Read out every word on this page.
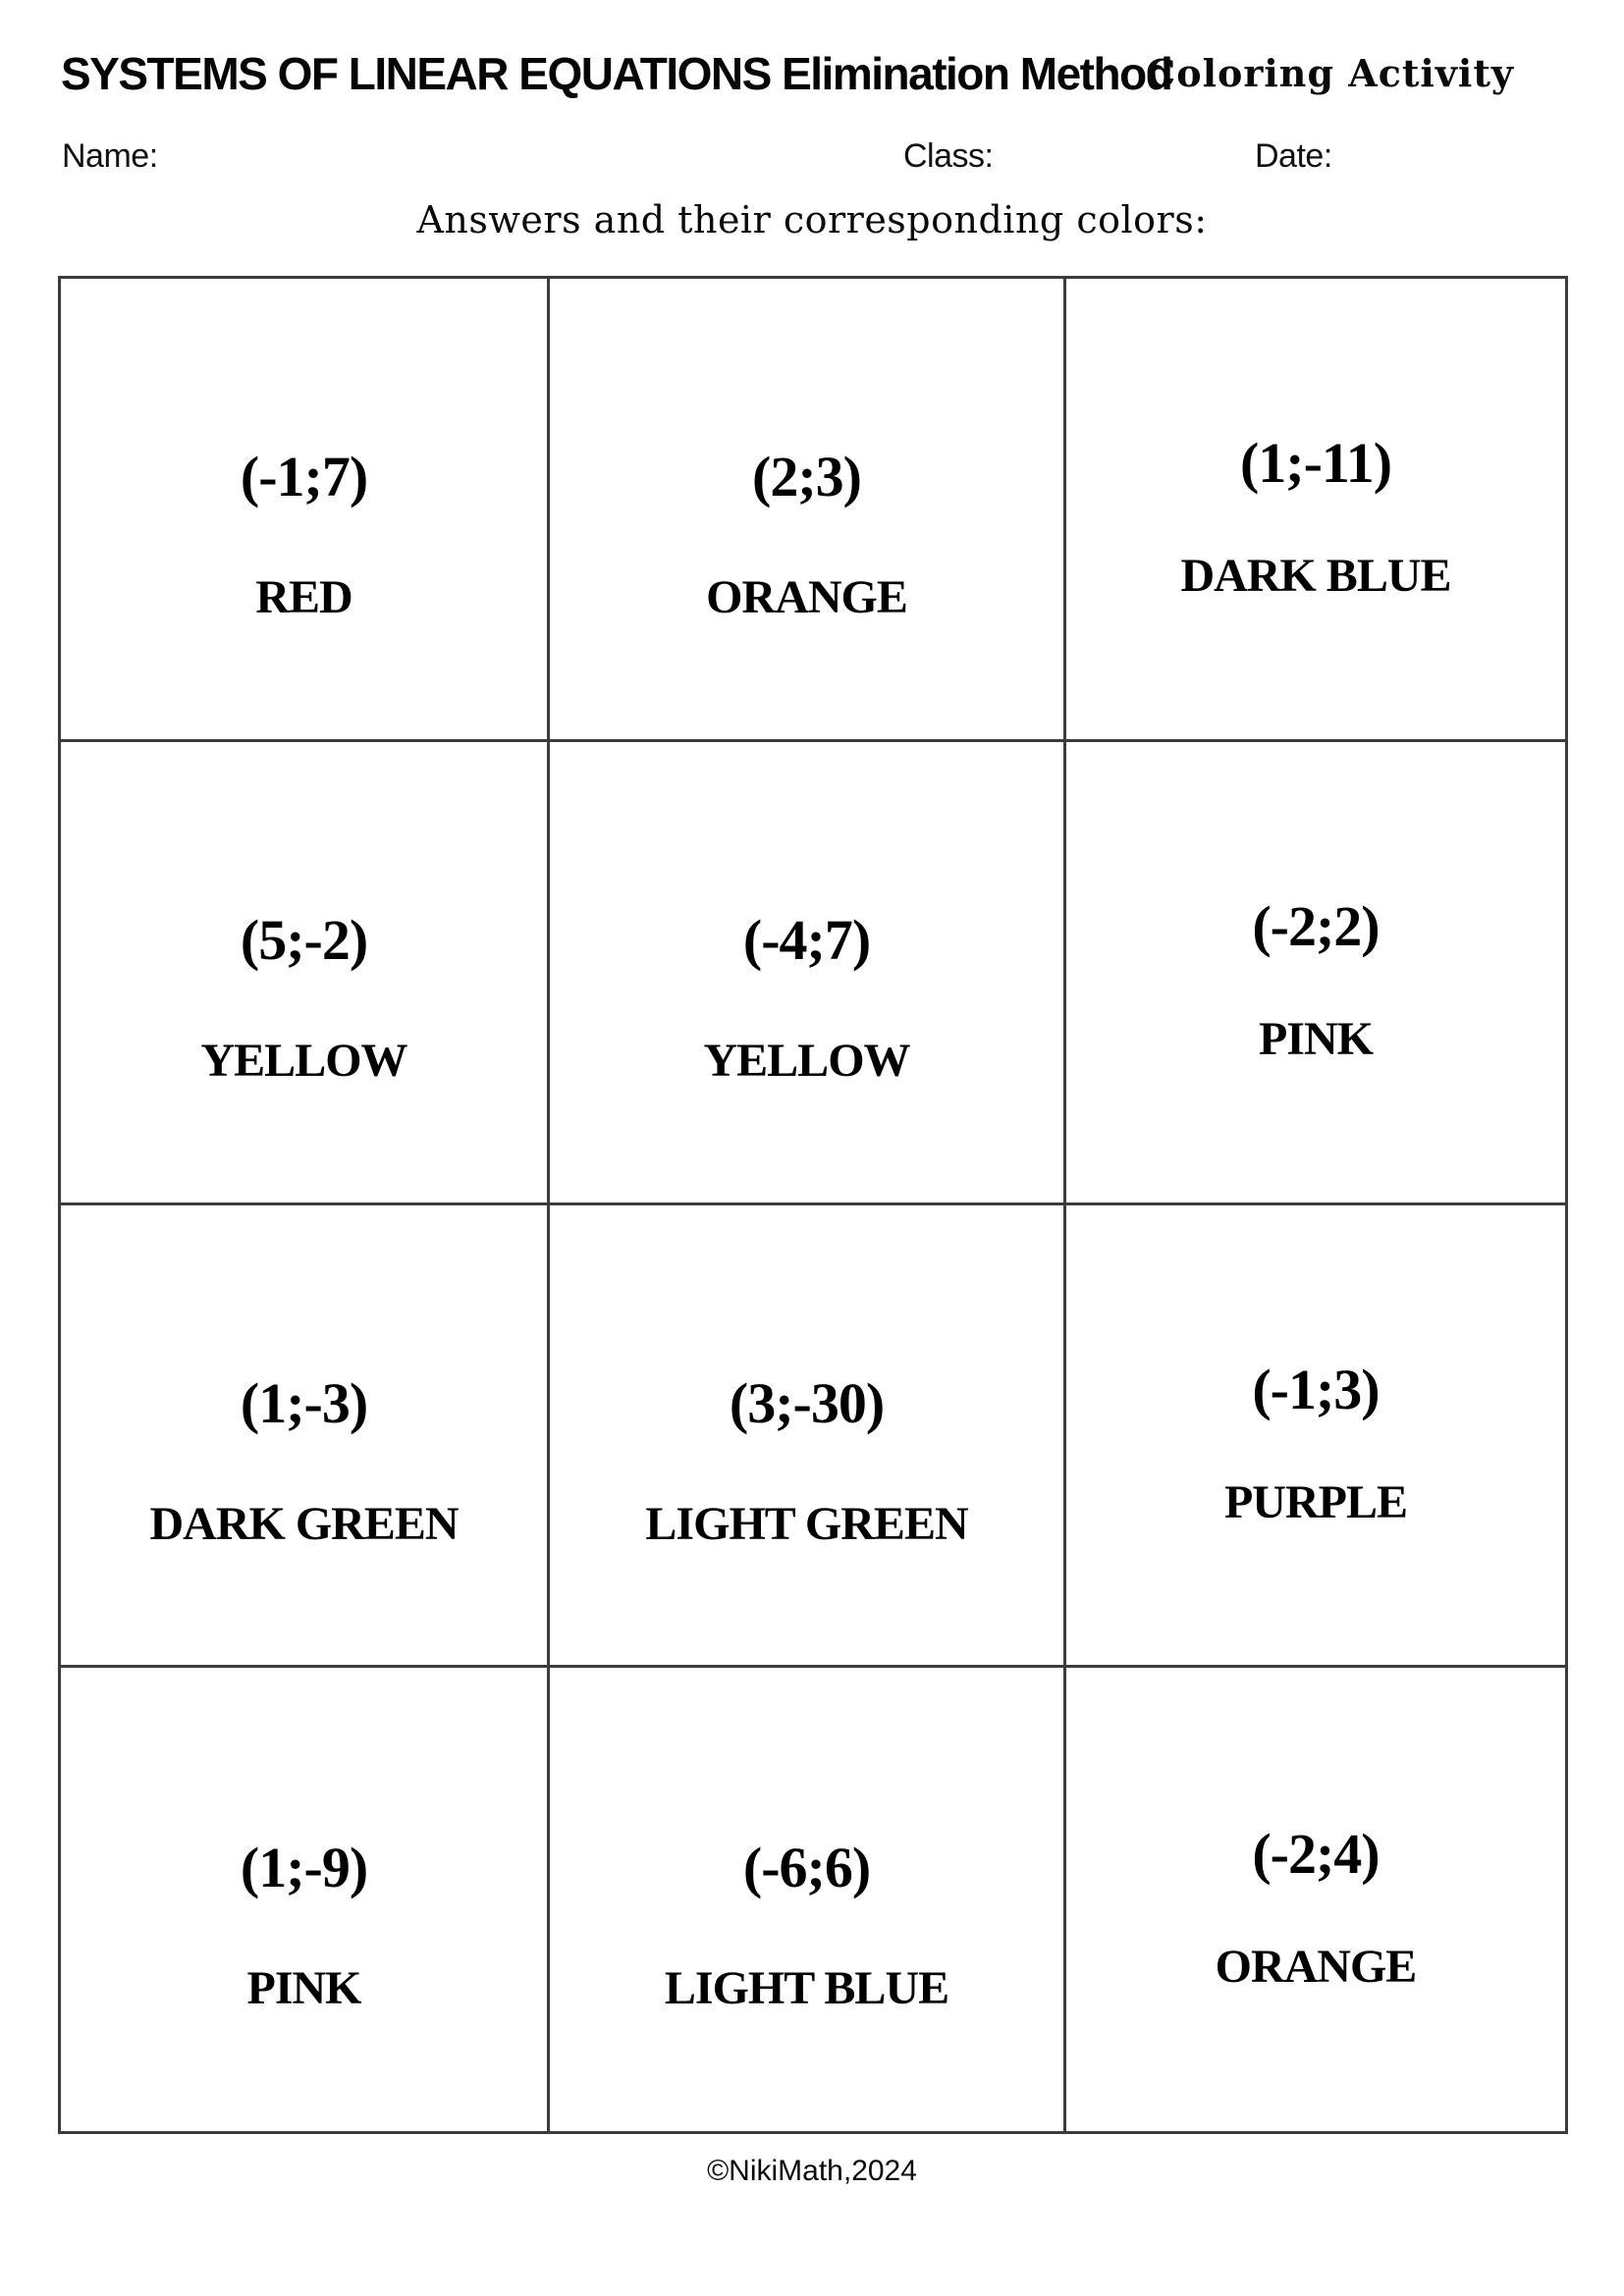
SYSTEMS OF LINEAR EQUATIONS Elimination Method
Coloring Activity
Name:	Class:	Date:
Answers and their corresponding colors:
(-1;7)
RED
(2;3)
ORANGE
(1;-11)
DARK BLUE
(5;-2)
YELLOW
(-4;7)
YELLOW
(-2;2)
PINK
(1;-3)
DARK GREEN
(3;-30)
LIGHT GREEN
(-1;3)
PURPLE
(1;-9)
PINK
(-6;6)
LIGHT BLUE
(-2;4)
ORANGE
©NikiMath,2024
